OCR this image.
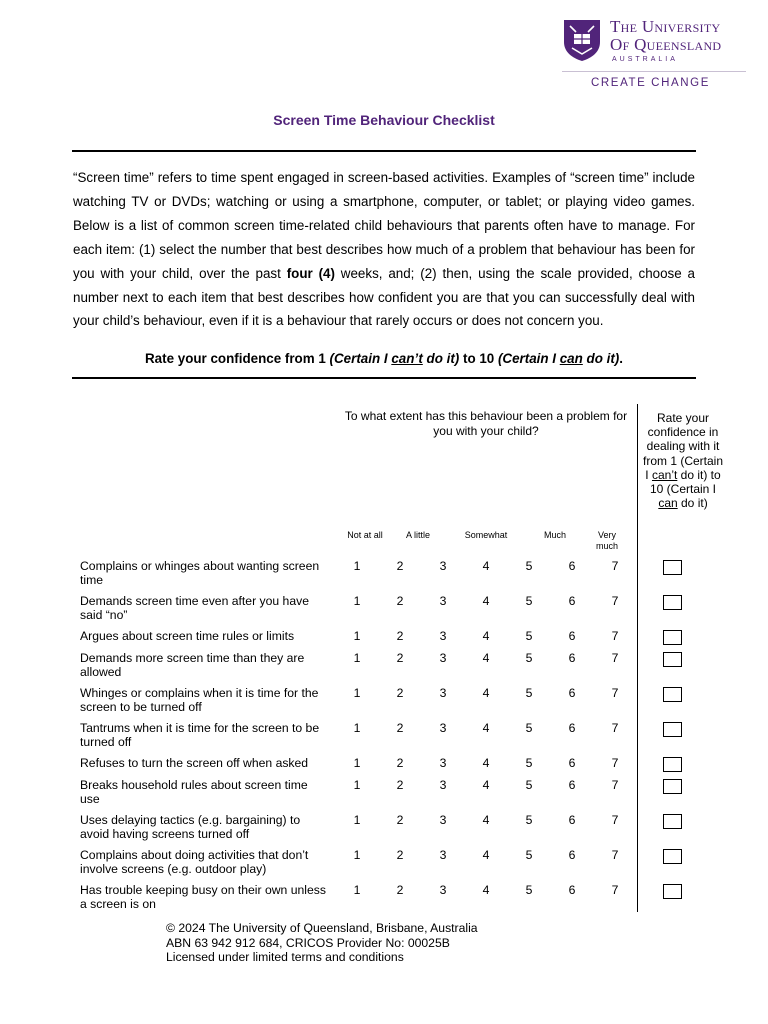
The University
Of Queensland
AUSTRALIA
CREATE CHANGE
Screen Time Behaviour Checklist
“Screen time” refers to time spent engaged in screen-based activities. Examples of “screen time” include watching TV or DVDs; watching or using a smartphone, computer, or tablet; or playing video games. Below is a list of common screen time-related child behaviours that parents often have to manage. For each item: (1) select the number that best describes how much of a problem that behaviour has been for you with your child, over the past four (4) weeks, and; (2) then, using the scale provided, choose a number next to each item that best describes how confident you are that you can successfully deal with your child’s behaviour, even if it is a behaviour that rarely occurs or does not concern you.
Rate your confidence from 1 (Certain I can’t do it) to 10 (Certain I can do it).
To what extent has this behaviour been a problem for you with your child?
Rate your confidence in dealing with it from 1 (Certain I can’t do it) to 10 (Certain I can do it)
Not at all	A little	Somewhat	Much	Very much
Complains or whinges about wanting screen time
1	2	3	4	5	6	7
Demands screen time even after you have said “no”
1	2	3	4	5	6	7
Argues about screen time rules or limits	1	2	3	4	5	6	7
Demands more screen time than they are allowed
1	2	3	4	5	6	7
Whinges or complains when it is time for the screen to be turned off
1	2	3	4	5	6	7
Tantrums when it is time for the screen to be turned off
1	2	3	4	5	6	7
Refuses to turn the screen off when asked	1	2	3	4	5	6	7
Breaks household rules about screen time use
1	2	3	4	5	6	7
Uses delaying tactics (e.g. bargaining) to avoid having screens turned off
1	2	3	4	5	6	7
Complains about doing activities that don’t involve screens (e.g. outdoor play)
1	2	3	4	5	6	7
Has trouble keeping busy on their own unless a screen is on
1	2	3	4	5	6	7
© 2024 The University of Queensland, Brisbane, Australia
ABN 63 942 912 684, CRICOS Provider No: 00025B
Licensed under limited terms and conditions
